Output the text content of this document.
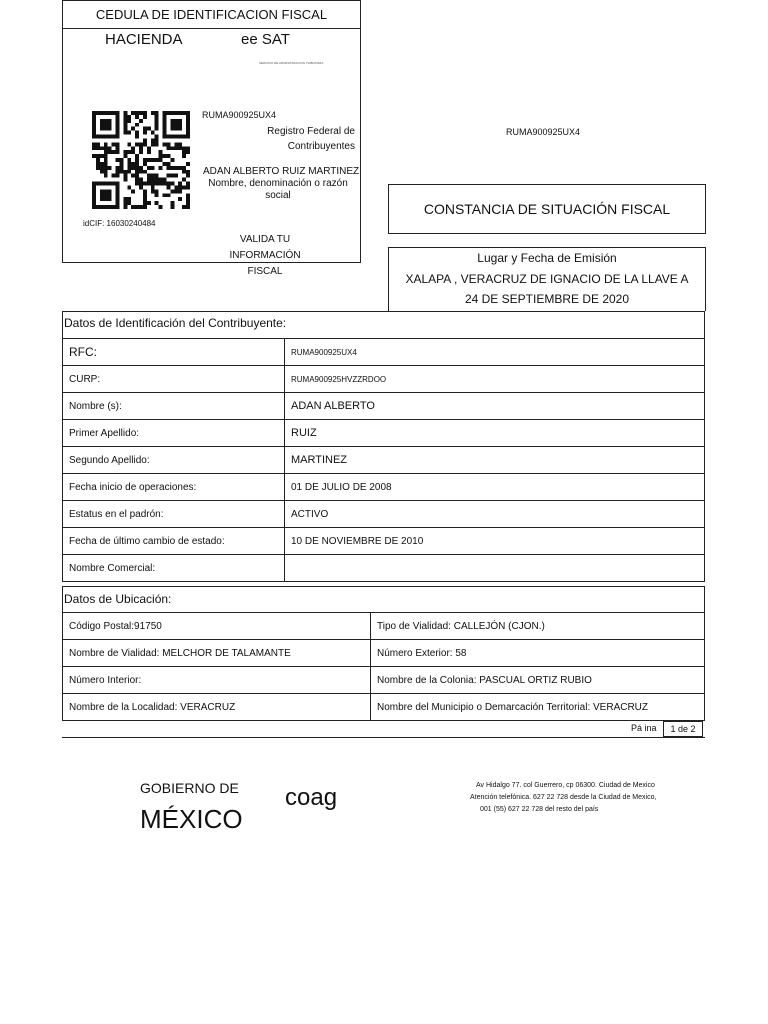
CEDULA DE IDENTIFICACION FISCAL
HACIENDA	ee SAT
SERVICIO DE ADMINISTRACION TRIBUTARIA
RUMA900925UX4
Registro Federal de Contribuyentes
ADAN ALBERTO RUIZ MARTINEZ
Nombre, denominación o razón social
idCIF: 16030240484
VALIDA TU INFORMACIÓN FISCAL
RUMA900925UX4
CONSTANCIA DE SITUACIÓN FISCAL
Lugar y Fecha de Emisión
XALAPA , VERACRUZ DE IGNACIO DE LA LLAVE A
24 DE SEPTIEMBRE DE 2020
Datos de Identificación del Contribuyente:
RFC:	RUMA900925UX4
CURP:	RUMA900925HVZZRDOO
Nombre (s):	ADAN ALBERTO
Primer Apellido:	RUIZ
Segundo Apellido:	MARTINEZ
Fecha inicio de operaciones:	01 DE JULIO DE 2008
Estatus en el padrón:	ACTIVO
Fecha de último cambio de estado:	10 DE NOVIEMBRE DE 2010
Nombre Comercial:	
Datos de Ubicación:
Código Postal:91750	Tipo de Vialidad: CALLEJÓN (CJON.)
Nombre de Vialidad: MELCHOR DE TALAMANTE	Número Exterior: 58
Número Interior:	Nombre de la Colonia: PASCUAL ORTIZ RUBIO
Nombre de la Localidad: VERACRUZ	Nombre del Municipio o Demarcación Territorial: VERACRUZ
Pá ina	1 de 2
GOBIERNO DE
MÉXICO
coag	Av Hidalgo 77. col Guerrero, cp 06300. Ciudad de Mexico
Atención telefónica. 627 22 728 desde la Ciudad de Mexico,
001 (55) 627 22 728 del resto del país
